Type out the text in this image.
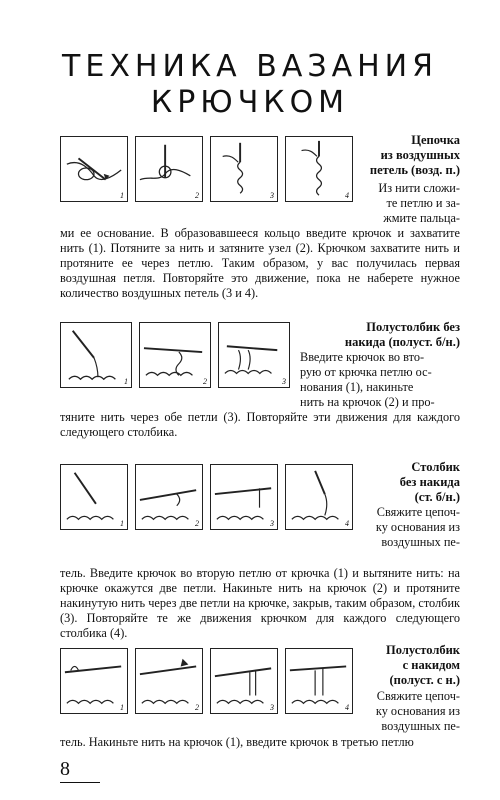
ТЕХНИКА ВАЗАНИЯ
КРЮЧКОМ
1	2	3	4
Цепочка
из воздушных
петель (возд. п.)
Из нити сложи-
те петлю и за-
жмите пальца-
ми ее основание. В образовавшееся кольцо введите крючок и захватите нить (1). Потяните за нить и затяните узел (2). Крючком захватите нить и протяните ее через петлю. Таким образом, у вас получилась первая воздушная петля. Повторяйте это движение, пока не наберете нужное количество воздушных петель (3 и 4).
1	2	3
Полустолбик без
накида (полуст. б/н.)
Введите крючок во вто-
рую от крючка петлю ос-
нования (1), накиньте
нить на крючок (2) и про-
тяните нить через обе петли (3). Повторяйте эти движения для каждого следующего столбика.
1	2	3	4
Столбик
без накида
(ст. б/н.)
Свяжите цепоч-
ку основания из
воздушных пе-
тель. Введите крючок во вторую петлю от крючка (1) и вытяните нить: на крючке окажутся две петли. Накиньте нить на крючок (2) и протяните накинутую нить через две петли на крючке, закрыв, таким образом, столбик (3). Повторяйте те же движения крючком для каждого следующего столбика (4).
1	2	3	4
Полустолбик
с накидом
(полуст. с н.)
Свяжите цепоч-
ку основания из
воздушных пе-
тель. Накиньте нить на крючок (1), введите крючок в третью петлю
8
